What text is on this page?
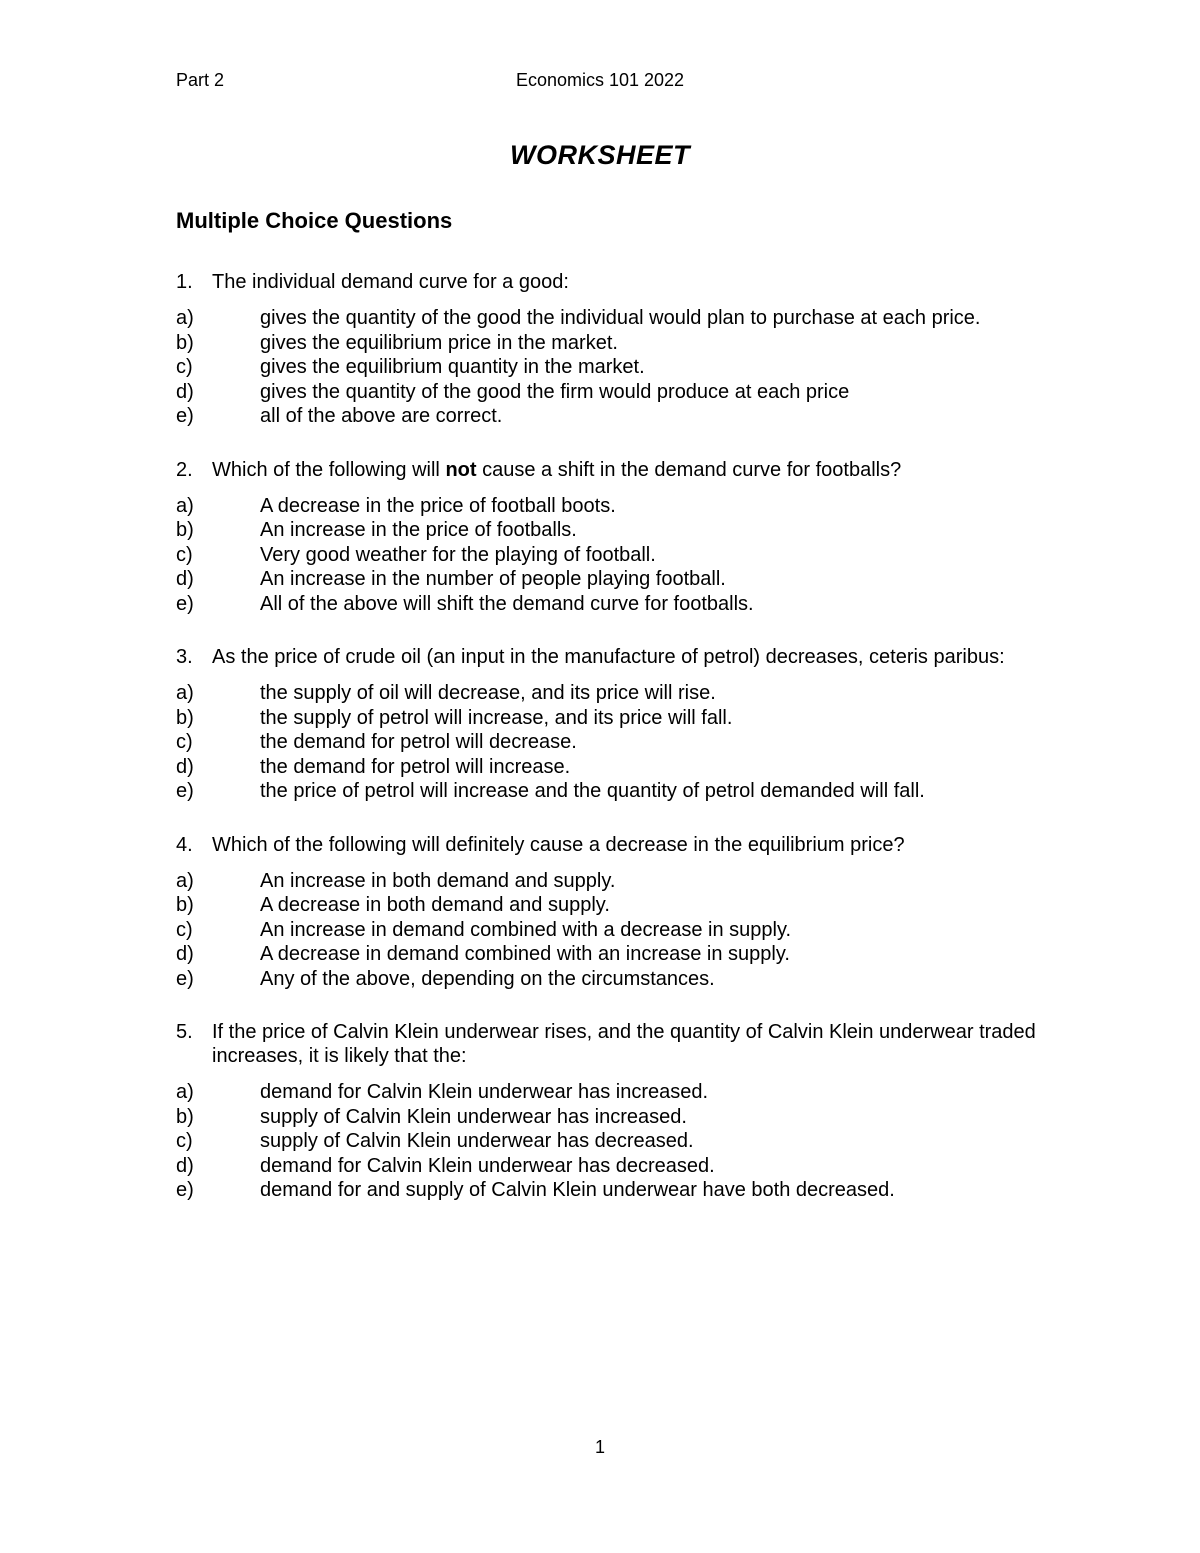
Part 2	Economics 101 2022
WORKSHEET
Multiple Choice Questions
1. The individual demand curve for a good:
a)	gives the quantity of the good the individual would plan to purchase at each price.
b)	gives the equilibrium price in the market.
c)	gives the equilibrium quantity in the market.
d)	gives the quantity of the good the firm would produce at each price
e)	all of the above are correct.
2. Which of the following will not cause a shift in the demand curve for footballs?
a)	A decrease in the price of football boots.
b)	An increase in the price of footballs.
c)	Very good weather for the playing of football.
d)	An increase in the number of people playing football.
e)	All of the above will shift the demand curve for footballs.
3. As the price of crude oil (an input in the manufacture of petrol) decreases, ceteris paribus:
a)	the supply of oil will decrease, and its price will rise.
b)	the supply of petrol will increase, and its price will fall.
c)	the demand for petrol will decrease.
d)	the demand for petrol will increase.
e)	the price of petrol will increase and the quantity of petrol demanded will fall.
4. Which of the following will definitely cause a decrease in the equilibrium price?
a)	An increase in both demand and supply.
b)	A decrease in both demand and supply.
c)	An increase in demand combined with a decrease in supply.
d)	A decrease in demand combined with an increase in supply.
e)	Any of the above, depending on the circumstances.
5. If the price of Calvin Klein underwear rises, and the quantity of Calvin Klein underwear traded increases, it is likely that the:
a)	demand for Calvin Klein underwear has increased.
b)	supply of Calvin Klein underwear has increased.
c)	supply of Calvin Klein underwear has decreased.
d)	demand for Calvin Klein underwear has decreased.
e)	demand for and supply of Calvin Klein underwear have both decreased.
1
